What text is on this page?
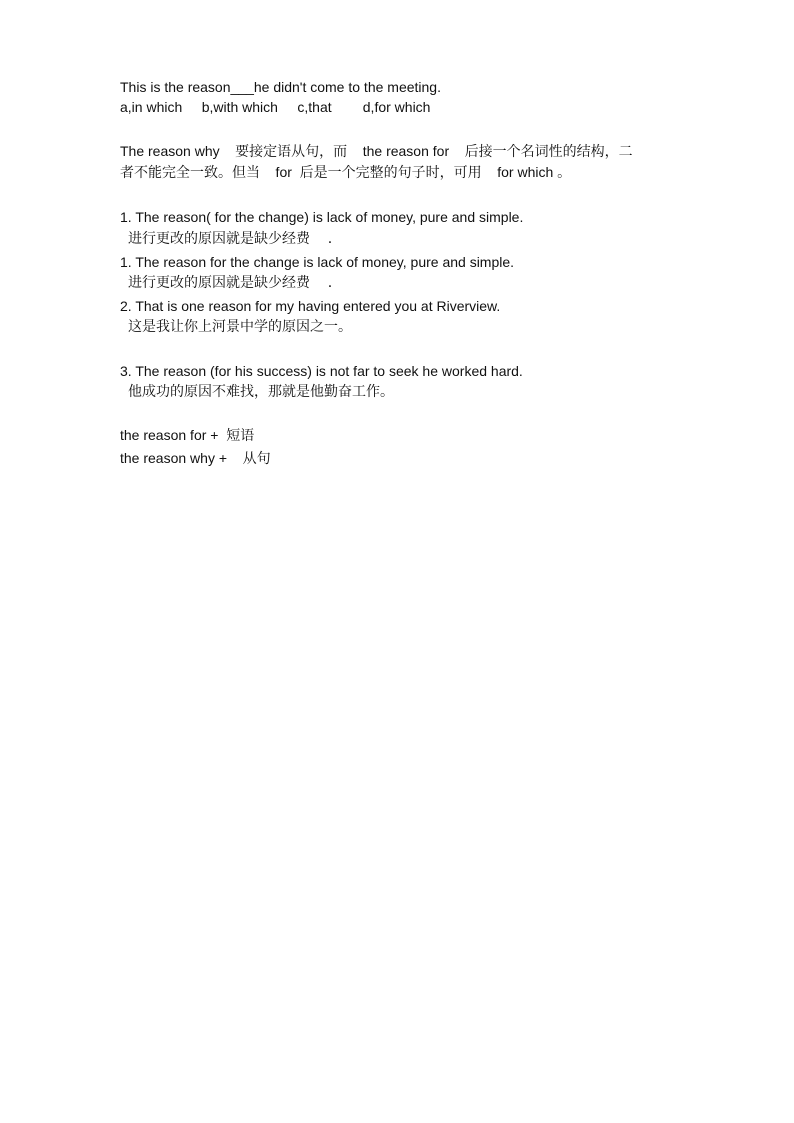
This is the reason___he didn't come to the meeting.
a,in which     b,with which     c,that        d,for which
The reason why    要接定语从句，而    the reason for    后接一个名词性的结构，二
者不能完全一致。但当    for  后是一个完整的句子时，可用    for which 。
1. The reason( for the change) is lack of money, pure and simple.
进行更改的原因就是缺少经费    .
1. The reason for the change is lack of money, pure and simple.
进行更改的原因就是缺少经费    .
2. That is one reason for my having entered you at Riverview.
这是我让你上河景中学的原因之一。
3. The reason (for his success) is not far to seek he worked hard.
他成功的原因不难找，那就是他勤奋工作。
the reason for +  短语
the reason why +    从句
